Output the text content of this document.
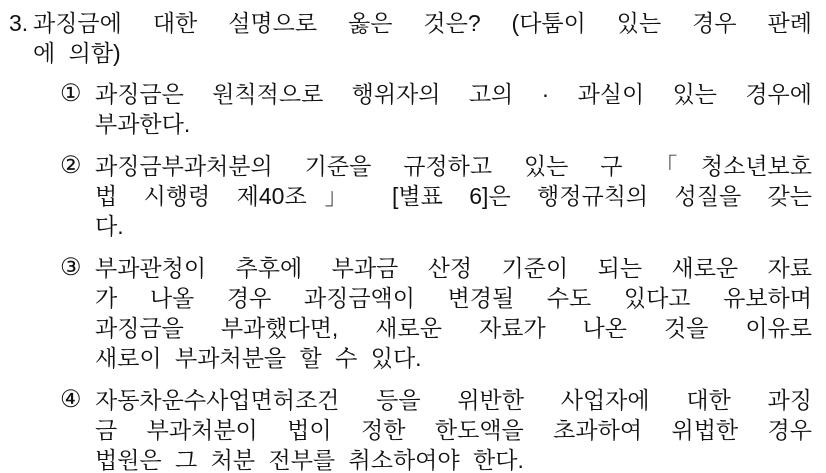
3. 과징금에 대한 설명으로 옳은 것은? (다툼이 있는 경우 판례
에 의함)
① 과징금은 원칙적으로 행위자의 고의 · 과실이 있는 경우에
부과한다.
② 과징금부과처분의 기준을 규정하고 있는 구 「청소년보호
법 시행령 제40조」 [별표 6]은 행정규칙의 성질을 갖는
다.
③ 부과관청이 추후에 부과금 산정 기준이 되는 새로운 자료
가 나올 경우 과징금액이 변경될 수도 있다고 유보하며
과징금을 부과했다면, 새로운 자료가 나온 것을 이유로
새로이 부과처분을 할 수 있다.
④ 자동차운수사업면허조건 등을 위반한 사업자에 대한 과징
금 부과처분이 법이 정한 한도액을 초과하여 위법한 경우
법원은 그 처분 전부를 취소하여야 한다.
